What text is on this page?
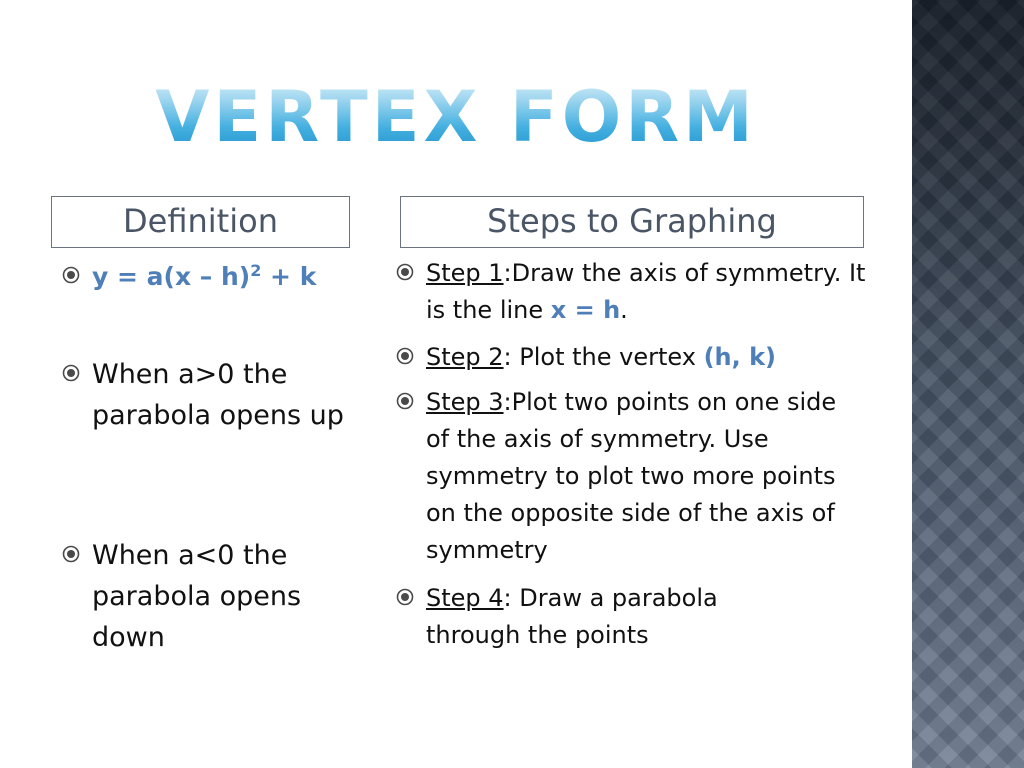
VERTEX FORM
Definition	Steps to Graphing
y = a(x – h)$^2$ + k
When a>0 the parabola opens up
When a<0 the parabola opens down
Step 1:Draw the axis of symmetry. It is the line x = h.
Step 2: Plot the vertex (h, k)
Step 3:Plot two points on one side of the axis of symmetry. Use symmetry to plot two more points on the opposite side of the axis of symmetry
Step 4: Draw a parabola through the points
